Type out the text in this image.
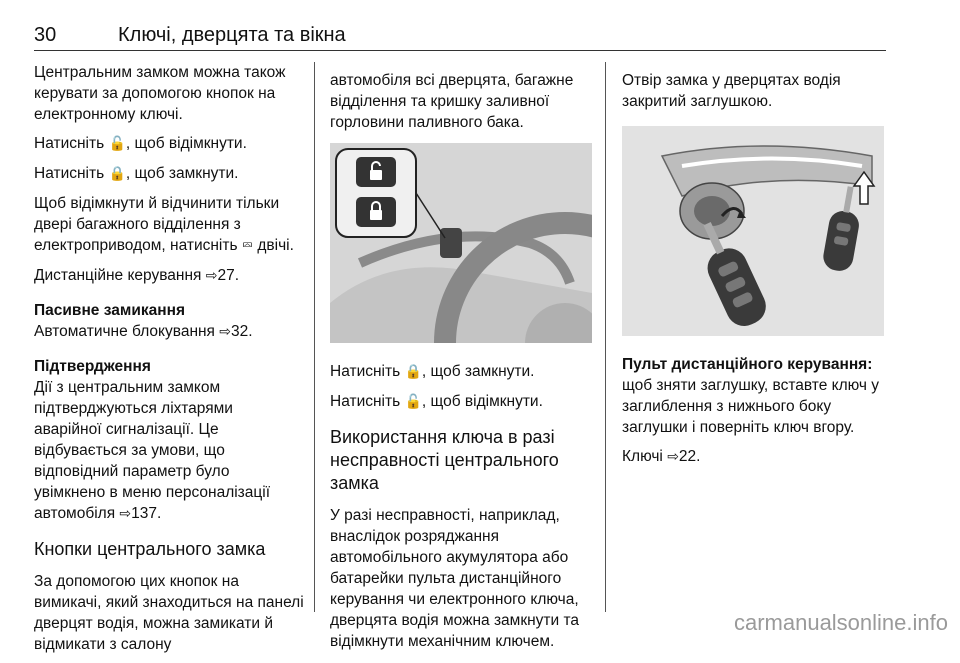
30	Ключі, дверцята та вікна

Центральним замком можна також керувати за допомогою кнопок на електронному ключі.

Натисніть 🔓, щоб відімкнути.

Натисніть 🔒, щоб замкнути.

Щоб відімкнути й відчинити тільки двері багажного відділення з електроприводом, натисніть ⮹ двічі.

Дистанційне керування ⇨27.

Пасивне замикання

Автоматичне блокування ⇨32.

Підтвердження

Дії з центральним замком підтверджуються ліхтарями аварійної сигналізації. Це відбувається за умови, що відповідний параметр було увімкнено в меню персоналізації автомобіля ⇨137.

Кнопки центрального замка

За допомогою цих кнопок на вимикачі, який знаходиться на панелі дверцят водія, можна замикати й відмикати з салону

автомобіля всі дверцята, багажне відділення та кришку заливної горловини паливного бака.

Натисніть 🔒, щоб замкнути.

Натисніть 🔓, щоб відімкнути.

Використання ключа в разі несправності центрального замка

У разі несправності, наприклад, внаслідок розряджання автомобільного акумулятора або батарейки пульта дистанційного керування чи електронного ключа, дверцята водія можна замкнути та відімкнути механічним ключем.

Отвір замка у дверцятах водія закритий заглушкою.

Пульт дистанційного керування: щоб зняти заглушку, вставте ключ у заглиблення з нижнього боку заглушки і поверніть ключ вгору.

Ключі ⇨22.

carmanualsonline.info
